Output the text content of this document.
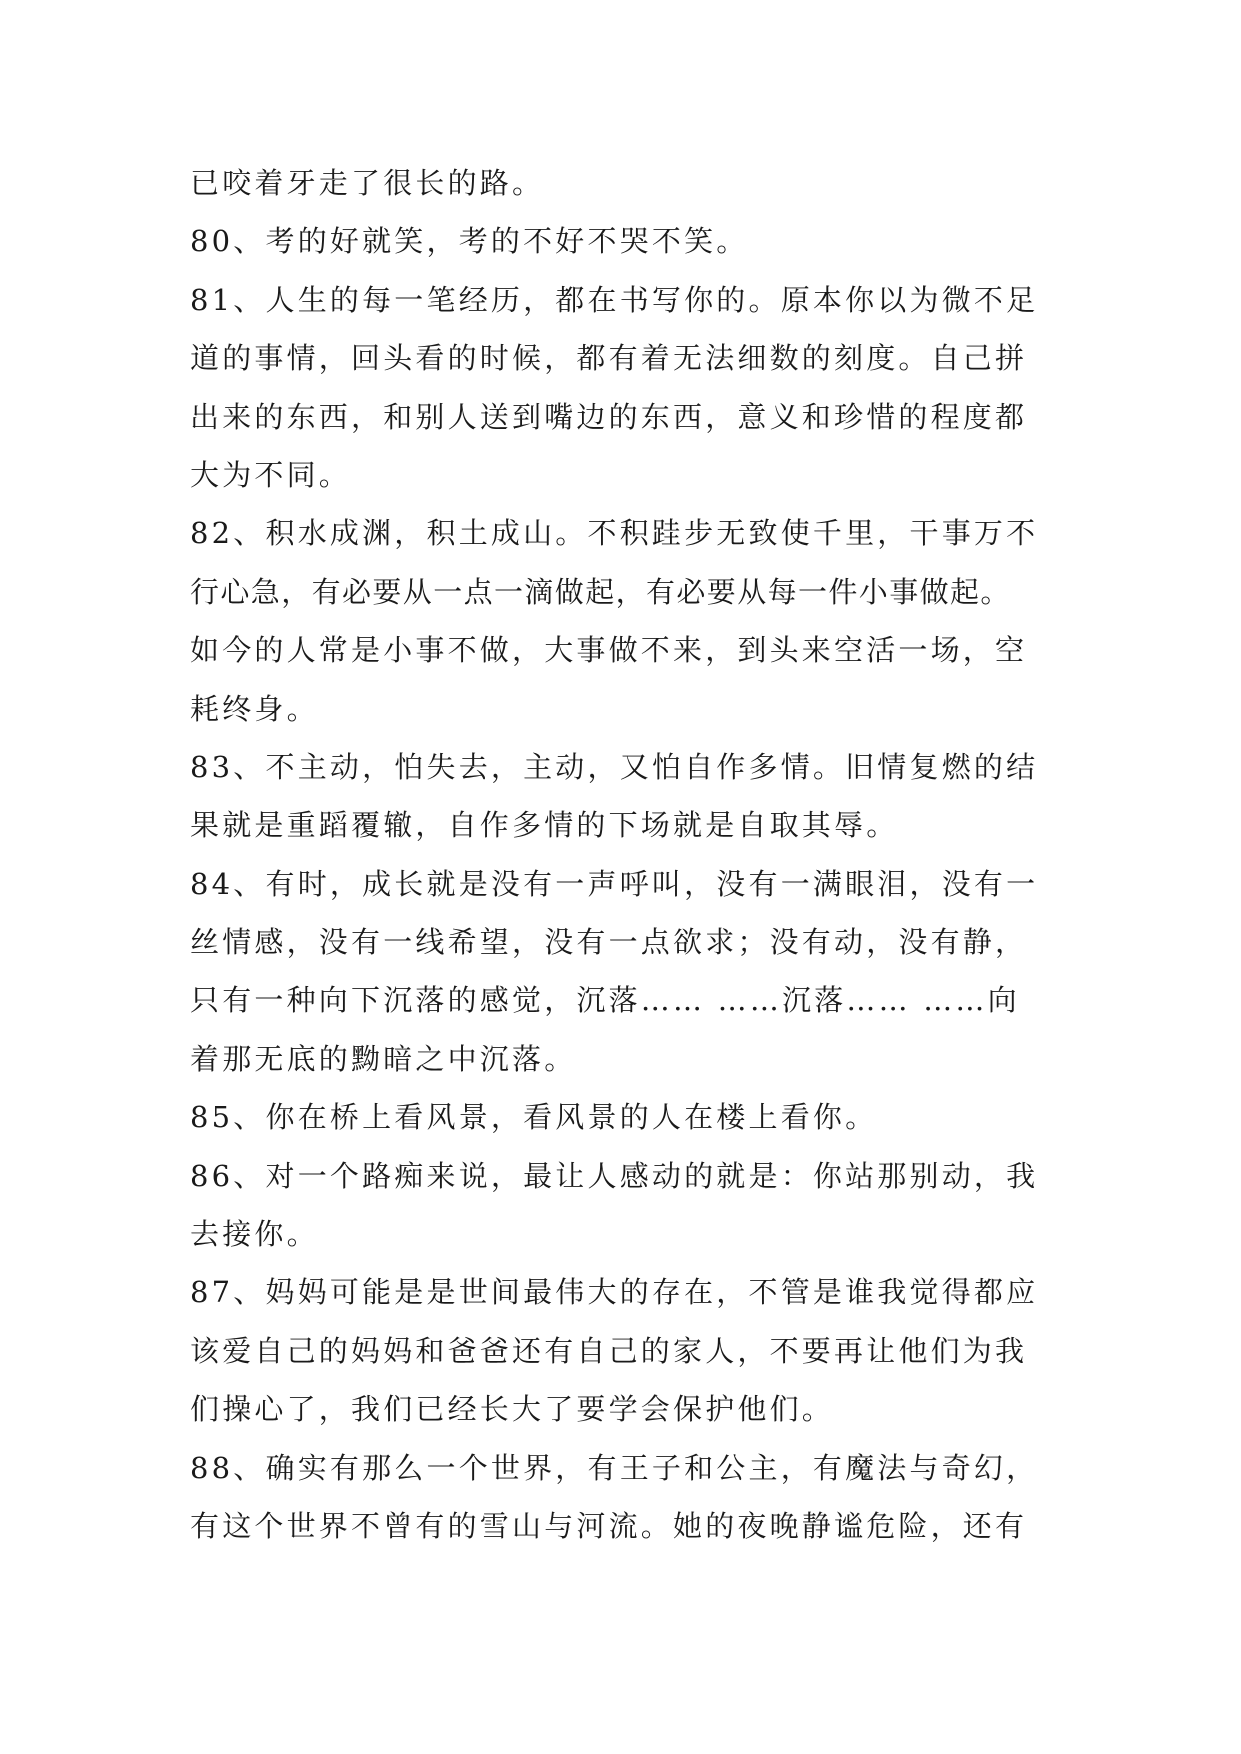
已咬着牙走了很长的路。
80、考的好就笑，考的不好不哭不笑。
81、人生的每一笔经历，都在书写你的。原本你以为微不足
道的事情，回头看的时候，都有着无法细数的刻度。自己拼
出来的东西，和别人送到嘴边的东西，意义和珍惜的程度都
大为不同。
82、积水成渊，积土成山。不积跬步无致使千里，干事万不
行心急，有必要从一点一滴做起，有必要从每一件小事做起。
如今的人常是小事不做，大事做不来，到头来空活一场，空
耗终身。
83、不主动，怕失去，主动，又怕自作多情。旧情复燃的结
果就是重蹈覆辙，自作多情的下场就是自取其辱。
84、有时，成长就是没有一声呼叫，没有一满眼泪，没有一
丝情感，没有一线希望，没有一点欲求；没有动，没有静，
只有一种向下沉落的感觉，沉落…… ……沉落…… ……向
着那无底的黝暗之中沉落。
85、你在桥上看风景，看风景的人在楼上看你。
86、对一个路痴来说，最让人感动的就是：你站那别动，我
去接你。
87、妈妈可能是是世间最伟大的存在，不管是谁我觉得都应
该爱自己的妈妈和爸爸还有自己的家人，不要再让他们为我
们操心了，我们已经长大了要学会保护他们。
88、确实有那么一个世界，有王子和公主，有魔法与奇幻，
有这个世界不曾有的雪山与河流。她的夜晚静谧危险，还有
